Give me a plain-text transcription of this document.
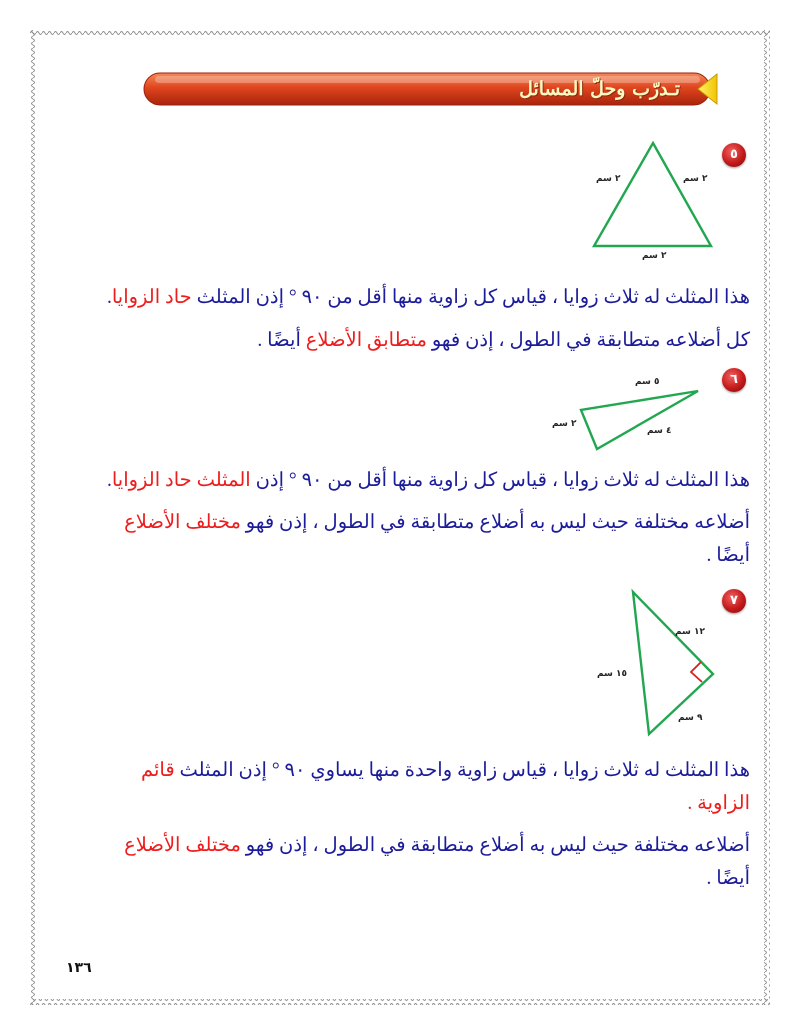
تـدرّب وحلّ المسائل
٥
٢ سم	٢ سم
٢ سم
هذا المثلث له ثلاث زوايا ، قياس كل زاوية منها أقل من ٩٠ ° إذن المثلث حاد الزوايا.
كل أضلاعه متطابقة في الطول ، إذن فهو متطابق الأضلاع أيضًا .
٦
٥ سم
٢ سم
٤ سم
هذا المثلث له ثلاث زوايا ، قياس كل زاوية منها أقل من ٩٠ ° إذن المثلث حاد الزوايا.
أضلاعه مختلفة حيث ليس به أضلاع متطابقة في الطول ، إذن فهو مختلف الأضلاع
أيضًا .
٧
١٢ سم
١٥ سم
٩ سم
هذا المثلث له ثلاث زوايا ، قياس زاوية واحدة منها يساوي ٩٠ ° إذن المثلث قائم
الزاوية .
أضلاعه مختلفة حيث ليس به أضلاع متطابقة في الطول ، إذن فهو مختلف الأضلاع
أيضًا .
١٣٦
